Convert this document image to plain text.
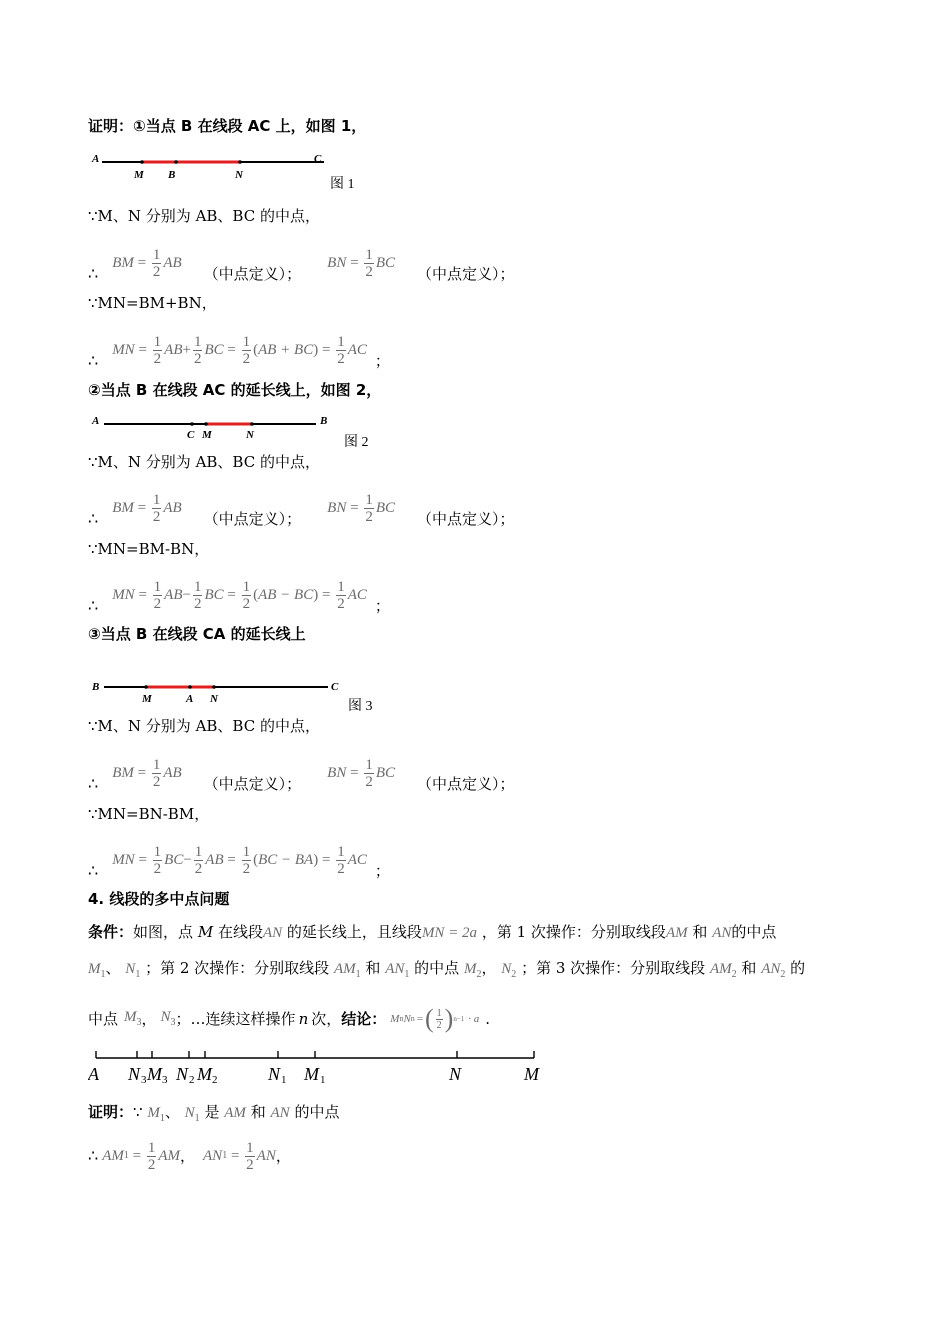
证明：①当点 B 在线段 AC 上，如图 1，
A
M B	N
C
图 1
∵M、N 分别为 AB、BC 的中点，
∴
BM = $\frac{1}{2}$ AB
（中点定义）；
BN = $\frac{1}{2}$ BC
（中点定义）；
∵MN=BM+BN，
∴
MN = $\frac{1}{2}$ AB + $\frac{1}{2}$ BC = $\frac{1}{2}$ ( AB + BC ) = $\frac{1}{2}$ AC
；
②当点 B 在线段 AC 的延长线上，如图 2，
A
C M	N
B
图 2
∵M、N 分别为 AB、BC 的中点，
∴
BM = $\frac{1}{2}$ AB
（中点定义）；
BN = $\frac{1}{2}$ BC
（中点定义）；
∵MN=BM-BN，
∴
MN = $\frac{1}{2}$ AB − $\frac{1}{2}$ BC = $\frac{1}{2}$ ( AB − BC ) = $\frac{1}{2}$ AC
；
③当点 B 在线段 CA 的延长线上
B
M	A N
C
图 3
∵M、N 分别为 AB、BC 的中点，
∴
BM = $\frac{1}{2}$ AB
（中点定义）；
BN = $\frac{1}{2}$ BC
（中点定义）；
∵MN=BN-BM，
∴
MN = $\frac{1}{2}$ BC − $\frac{1}{2}$ AB = $\frac{1}{2}$ ( BC − BA ) = $\frac{1}{2}$ AC
；
4. 线段的多中点问题
条件：如图，点 M 在线段AN 的延长线上，且线段MN = 2a ，第 1 次操作：分别取线段AM 和 AN的中点
$M_1$、 $N_1$ ；第 2 次操作：分别取线段 $AM_1$ 和 $AN_1$ 的中点 $M_2$， $N_2$ ；第 3 次操作：分别取线段 $AM_2$ 和 $AN_2$ 的
中点 $M_3$ ， $N_3$ ；…连续这样操作 n 次， 结论： M n N n = ( $\frac{1}{2}$ ) n−1 · a .
A N M N M	N M	N	M
3 3 2 2	1	1
证明：∵ $M_1$、 $N_1$ 是 AM 和 AN 的中点
∴ AM 1
=
$\frac{1}{2}$ AM ， AN 1
=
$\frac{1}{2}$ AN ，
